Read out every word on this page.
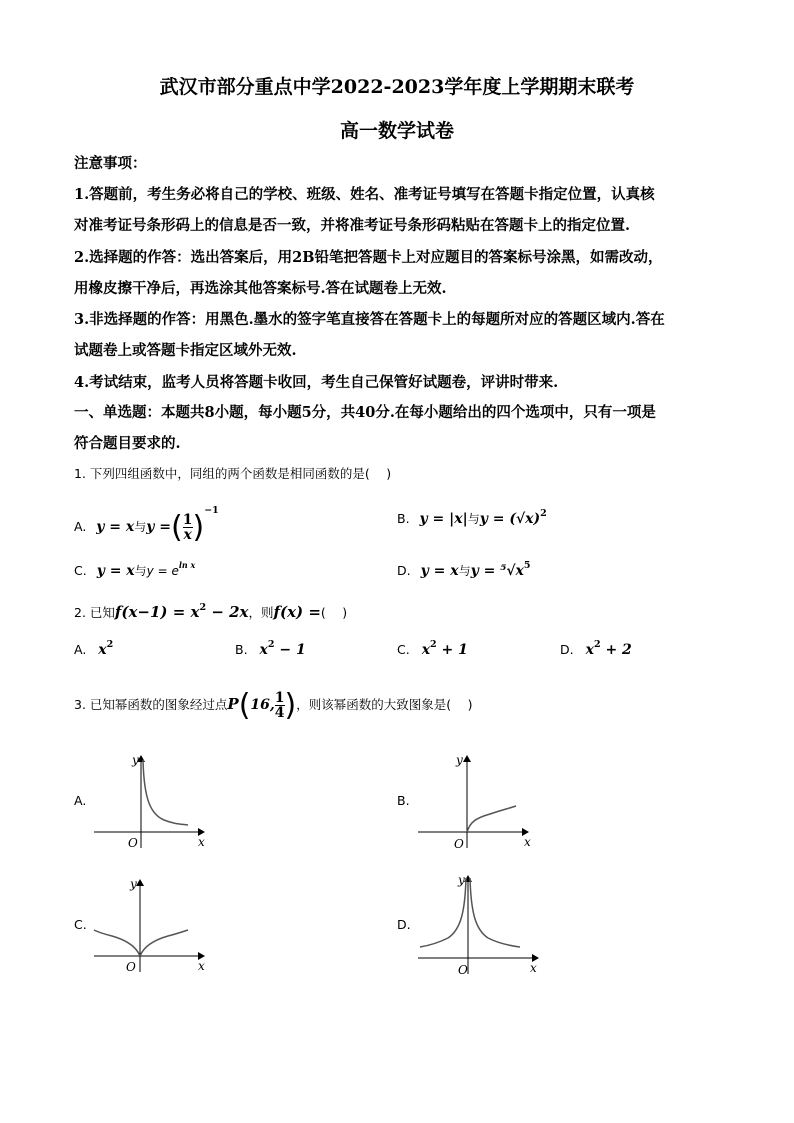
武汉市部分重点中学2022-2023学年度上学期期末联考
高一数学试卷
注意事项：
1.答题前，考生务必将自己的学校、班级、姓名、准考证号填写在答题卡指定位置，认真核
对准考证号条形码上的信息是否一致，并将准考证号条形码粘贴在答题卡上的指定位置.
2.选择题的作答：选出答案后，用2B铅笔把答题卡上对应题目的答案标号涂黑，如需改动，
用橡皮擦干净后，再选涂其他答案标号.答在试题卷上无效.
3.非选择题的作答：用黑色.墨水的签字笔直接答在答题卡上的每题所对应的答题区域内.答在
试题卷上或答题卡指定区域外无效.
4.考试结束，监考人员将答题卡收回，考生自己保管好试题卷，评讲时带来.
一、单选题：本题共8小题，每小题5分，共40分.在每小题给出的四个选项中，只有一项是
符合题目要求的.
1. 下列四组函数中，同组的两个函数是相同函数的是(　 )
A. y = x与y =( $\frac{1}{x} )^{-1}$
B. y = |x|与$y = (√x)^2$
C. y = x与$y = e^{ln x}$	D. y = x与$y = ^5√x^5$
2. 已知$f(x-1) = x^2 - 2x$，则f(x) =(　 )
A. $x^2$	B. $x^2 - 1$	C. $x^2 + 1$	D. $x^2 + 2$
3. 已知幂函数的图象经过点P(16, $\frac{1}{4}$ )，则该幂函数的大致图象是(　 )
A.	B.
C.	D.
y
x
O
y
x
O
y
x
O
y
x
O
